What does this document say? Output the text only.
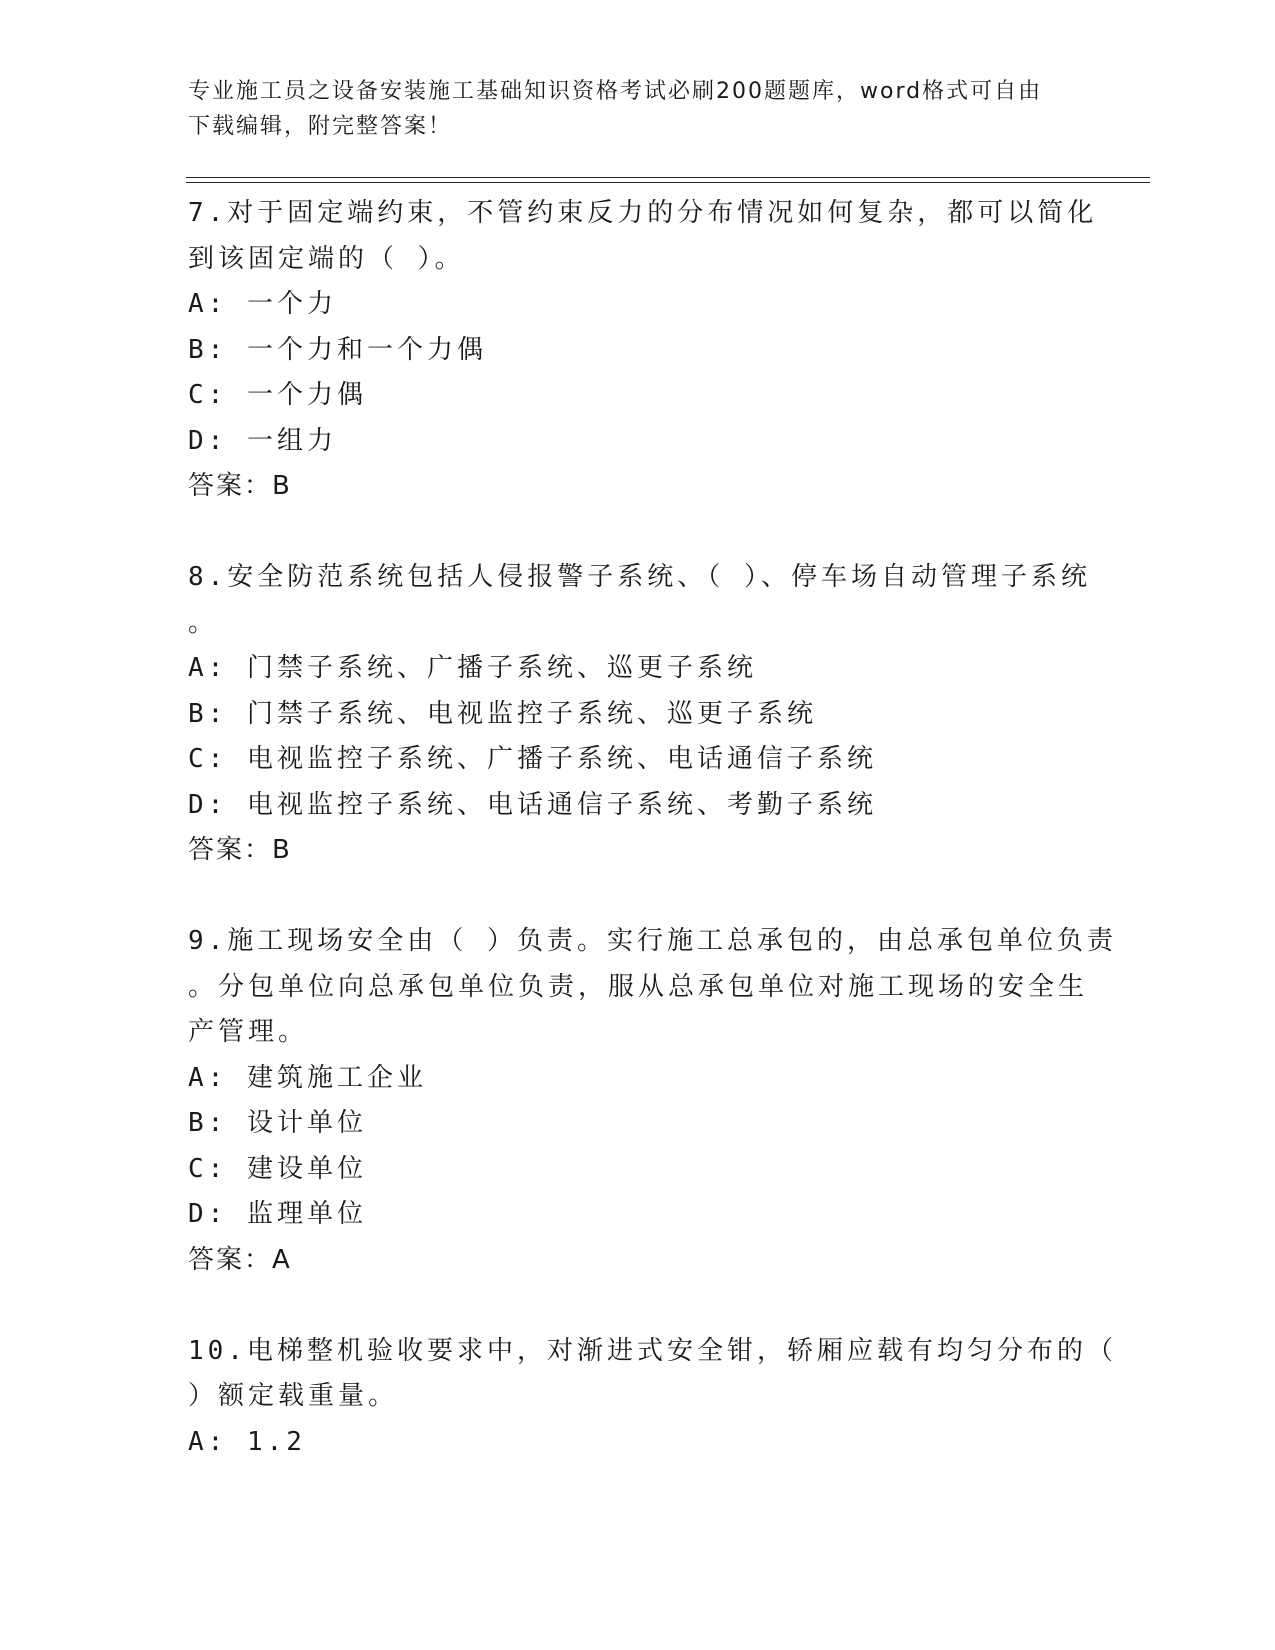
专业施工员之设备安装施工基础知识资格考试必刷200题题库，word格式可自由
下载编辑，附完整答案！
7.对于固定端约束，不管约束反力的分布情况如何复杂，都可以简化
到该固定端的（ ）。
A: 一个力
B: 一个力和一个力偶
C: 一个力偶
D: 一组力
答案：B
8.安全防范系统包括人侵报警子系统、（ ）、停车场自动管理子系统
。
A: 门禁子系统、广播子系统、巡更子系统
B: 门禁子系统、电视监控子系统、巡更子系统
C: 电视监控子系统、广播子系统、电话通信子系统
D: 电视监控子系统、电话通信子系统、考勤子系统
答案：B
9.施工现场安全由（ ）负责。实行施工总承包的，由总承包单位负责
。分包单位向总承包单位负责，服从总承包单位对施工现场的安全生
产管理。
A: 建筑施工企业
B: 设计单位
C: 建设单位
D: 监理单位
答案：A
10.电梯整机验收要求中，对渐进式安全钳，轿厢应载有均匀分布的（
）额定载重量。
A: 1.2
